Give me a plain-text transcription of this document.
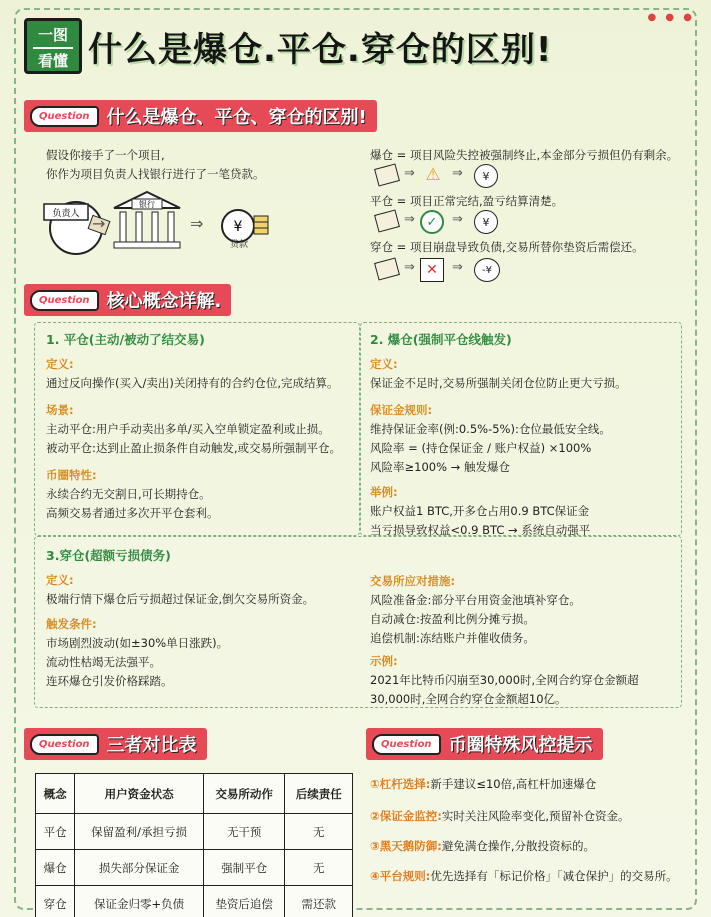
● ● ●
一图
看懂 什么是爆仓.平仓.穿仓的区别!
Question 什么是爆仓、平仓、穿仓的区别!
假设你接手了一个项目,
你作为项目负责人找银行进行了一笔贷款。
负责人 →
银行
⇒ ¥
贷款
爆仓 = 项目风险失控被强制终止,本金部分亏损但仍有剩余。
⇒ ⚠ ⇒	¥
平仓 = 项目正常完结,盈亏结算清楚。
⇒ ✓	⇒	¥
穿仓 = 项目崩盘导致负债,交易所替你垫资后需偿还。
⇒ ✕	⇒	-¥
Question 核心概念详解.
1. 平仓(主动/被动了结交易)
定义:
通过反向操作(买入/卖出)关闭持有的合约仓位,完成结算。
场景:
主动平仓:用户手动卖出多单/买入空单锁定盈利或止损。
被动平仓:达到止盈止损条件自动触发,或交易所强制平仓。
币圈特性:
永续合约无交割日,可长期持仓。
高频交易者通过多次开平仓套利。
2. 爆仓(强制平仓线触发)
定义:
保证金不足时,交易所强制关闭仓位防止更大亏损。
保证金规则:
维持保证金率(例:0.5%-5%):仓位最低安全线。
风险率 = (持仓保证金 / 账户权益) ×100%
风险率≥100% → 触发爆仓
举例:
账户权益1 BTC,开多仓占用0.9 BTC保证金
当亏损导致权益<0.9 BTC → 系统自动强平
3.穿仓(超额亏损债务)
定义:
极端行情下爆仓后亏损超过保证金,倒欠交易所资金。
触发条件:
市场剧烈波动(如±30%单日涨跌)。
流动性枯竭无法强平。
连环爆仓引发价格踩踏。
交易所应对措施:
风险准备金:部分平台用资金池填补穿仓。
自动减仓:按盈利比例分摊亏损。
追偿机制:冻结账户并催收债务。
示例:
2021年比特币闪崩至30,000时,全网合约穿仓金额超
30,000时,全网合约穿仓金额超10亿。
Question 三者对比表
概念	用户资金状态	交易所动作	后续责任
平仓	保留盈利/承担亏损	无干预	无
爆仓	损失部分保证金	强制平仓	无
穿仓	保证金归零+负债	垫资后追偿	需还款
Question 币圈特殊风控提示
①杠杆选择:新手建议≤10倍,高杠杆加速爆仓
②保证金监控:实时关注风险率变化,预留补仓资金。
③黑天鹅防御:避免满仓操作,分散投资标的。
④平台规则:优先选择有「标记价格」「减仓保护」的交易所。
